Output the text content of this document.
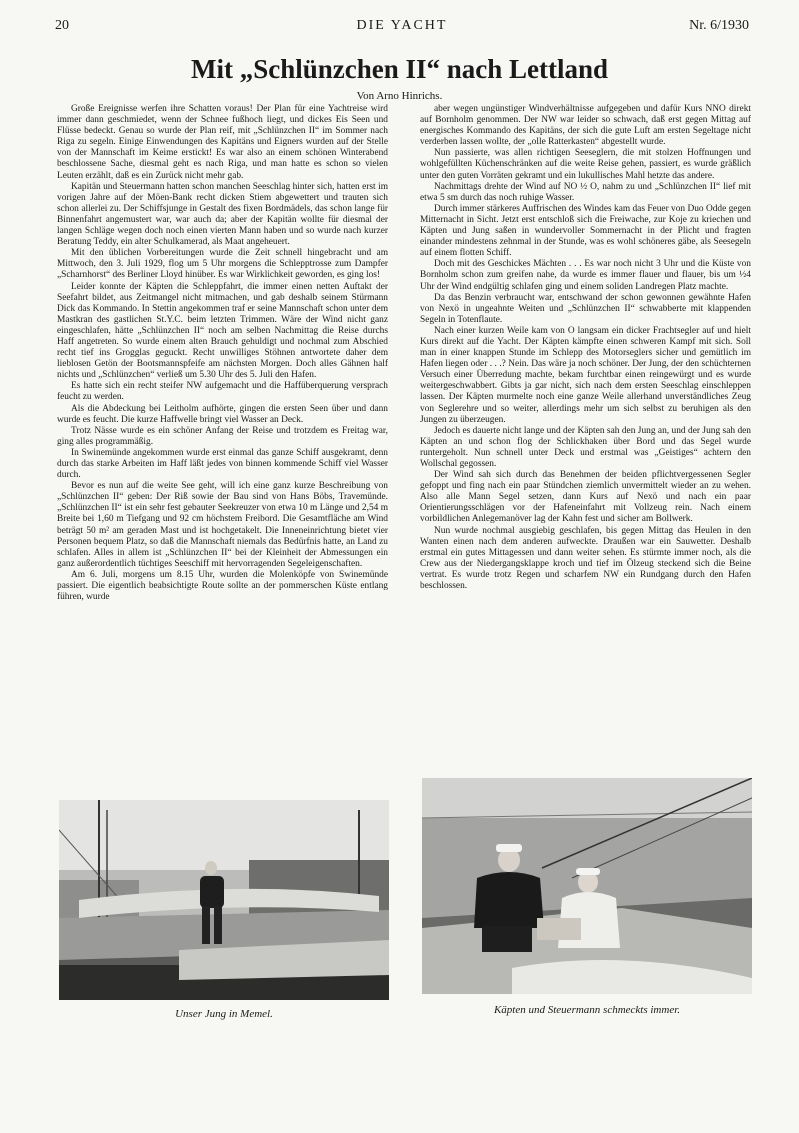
20	DIE YACHT	Nr. 6/1930
Mit „Schlünzchen II“ nach Lettland
Von Arno Hinrichs.

Große Ereignisse werfen ihre Schatten voraus! Der Plan für eine Yachtreise wird immer dann geschmiedet, wenn der Schnee fußhoch liegt, und dickes Eis Seen und Flüsse bedeckt. Genau so wurde der Plan reif, mit „Schlünzchen II“ im Sommer nach Riga zu segeln. Einige Einwendungen des Kapitäns und Eigners wurden auf der Stelle von der Mannschaft im Keime erstickt! Es war also an einem schönen Winterabend beschlossene Sache, diesmal geht es nach Riga, und man hatte es schon so vielen Leuten erzählt, daß es ein Zurück nicht mehr gab.

Kapitän und Steuermann hatten schon manchen Seeschlag hinter sich, hatten erst im vorigen Jahre auf der Möen-Bank recht dicken Stiem abgewettert und trauten sich schon allerlei zu. Der Schiffsjunge in Gestalt des fixen Bordmädels, das schon lange für Binnenfahrt angemustert war, war auch da; aber der Kapitän wollte für diesmal der langen Schläge wegen doch noch einen vierten Mann haben und so wurde nach kurzer Beratung Teddy, ein alter Schulkamerad, als Maat angeheuert.

Mit den üblichen Vorbereitungen wurde die Zeit schnell hingebracht und am Mittwoch, den 3. Juli 1929, flog um 5 Uhr morgens die Schlepptrosse zum Dampfer „Scharnhorst“ des Berliner Lloyd hinüber. Es war Wirklichkeit geworden, es ging los!

Leider konnte der Käpten die Schleppfahrt, die immer einen netten Auftakt der Seefahrt bildet, aus Zeitmangel nicht mitmachen, und gab deshalb seinem Stürmann Dick das Kommando. In Stettin angekommen traf er seine Mannschaft schon unter dem Mastkran des gastlichen St.Y.C. beim letzten Trimmen. Wäre der Wind nicht ganz eingeschlafen, hätte „Schlünzchen II“ noch am selben Nachmittag die Reise durchs Haff angetreten. So wurde einem alten Brauch gehuldigt und nochmal zum Abschied recht tief ins Grogglas geguckt. Recht unwilliges Stöhnen antwortete daher dem lieblosen Getön der Bootsmannspfeife am nächsten Morgen. Doch alles Gähnen half nichts und „Schlünzchen“ verließ um 5.30 Uhr des 5. Juli den Hafen.

Es hatte sich ein recht steifer NW aufgemacht und die Haffüberquerung versprach feucht zu werden.

Als die Abdeckung bei Leitholm aufhörte, gingen die ersten Seen über und dann wurde es feucht. Die kurze Haffwelle bringt viel Wasser an Deck.

Trotz Nässe wurde es ein schöner Anfang der Reise und trotzdem es Freitag war, ging alles programmäßig.

In Swinemünde angekommen wurde erst einmal das ganze Schiff ausgekramt, denn durch das starke Arbeiten im Haff läßt jedes von binnen kommende Schiff viel Wasser durch.

Bevor es nun auf die weite See geht, will ich eine ganz kurze Beschreibung von „Schlünzchen II“ geben: Der Riß sowie der Bau sind von Hans Böbs, Travemünde. „Schlünzchen II“ ist ein sehr fest gebauter Seekreuzer von etwa 10 m Länge und 2,54 m Breite bei 1,60 m Tiefgang und 92 cm höchstem Freibord. Die Gesamtfläche am Wind beträgt 50 m² am geraden Mast und ist hochgetakelt. Die Inneneinrichtung bietet vier Personen bequem Platz, so daß die Mannschaft niemals das Bedürfnis hatte, an Land zu schlafen. Alles in allem ist „Schlünzchen II“ bei der Kleinheit der Abmessungen ein ganz außerordentlich tüchtiges Seeschiff mit hervorragenden Segeleigenschaften.

Am 6. Juli, morgens um 8.15 Uhr, wurden die Molenköpfe von Swinemünde passiert. Die eigentlich beabsichtigte Route sollte an der pommerschen Küste entlang führen, wurde

aber wegen ungünstiger Windverhältnisse aufgegeben und dafür Kurs NNO direkt auf Bornholm genommen. Der NW war leider so schwach, daß erst gegen Mittag auf energisches Kommando des Kapitäns, der sich die gute Luft am ersten Segeltage nicht verderben lassen wollte, der „olle Ratterkasten“ abgestellt wurde.

Nun passierte, was allen richtigen Seeseglern, die mit stolzen Hoffnungen und wohlgefüllten Küchenschränken auf die weite Reise gehen, passiert, es wurde gräßlich unter den guten Vorräten gekramt und ein lukullisches Mahl hetzte das andere.

Nachmittags drehte der Wind auf NO ½ O, nahm zu und „Schlünzchen II“ lief mit etwa 5 sm durch das noch ruhige Wasser.

Durch immer stärkeres Auffrischen des Windes kam das Feuer von Duo Odde gegen Mitternacht in Sicht. Jetzt erst entschloß sich die Freiwache, zur Koje zu kriechen und Käpten und Jung saßen in wundervoller Sommernacht in der Plicht und fragten einander mindestens zehnmal in der Stunde, was es wohl schöneres gäbe, als Seesegeln auf einem flotten Schiff.

Doch mit des Geschickes Mächten . . . Es war noch nicht 3 Uhr und die Küste von Bornholm schon zum greifen nahe, da wurde es immer flauer und flauer, bis um ½4 Uhr der Wind endgültig schlafen ging und einem soliden Landregen Platz machte.

Da das Benzin verbraucht war, entschwand der schon gewonnen gewähnte Hafen von Nexö in ungeahnte Weiten und „Schlünzchen II“ schwabberte mit klappenden Segeln in Totenflaute.

Nach einer kurzen Weile kam von O langsam ein dicker Frachtsegler auf und hielt Kurs direkt auf die Yacht. Der Käpten kämpfte einen schweren Kampf mit sich. Soll man in einer knappen Stunde im Schlepp des Motorseglers sicher und gemütlich im Hafen liegen oder . . .? Nein. Das wäre ja noch schöner. Der Jung, der den schüchternen Versuch einer Überredung machte, bekam furchtbar einen reingewürgt und es wurde weitergeschwabbert. Gibts ja gar nicht, sich nach dem ersten Seeschlag einschleppen lassen. Der Käpten murmelte noch eine ganze Weile allerhand unverständliches Zeug von Seglerehre und so weiter, allerdings mehr um sich selbst zu beruhigen als den Jungen zu überzeugen.

Jedoch es dauerte nicht lange und der Käpten sah den Jung an, und der Jung sah den Käpten an und schon flog der Schlickhaken über Bord und das Segel wurde runtergeholt. Nun schnell unter Deck und erstmal was „Geistiges“ achtern den Wollschal gegossen.

Der Wind sah sich durch das Benehmen der beiden pflichtvergessenen Segler gefoppt und fing nach ein paar Stündchen ziemlich unvermittelt wieder an zu wehen. Also alle Mann Segel setzen, dann Kurs auf Nexö und nach ein paar Orientierungsschlägen vor der Hafeneinfahrt mit Vollzeug rein. Nach einem vorbildlichen Anlegemanöver lag der Kahn fest und sicher am Bollwerk.

Nun wurde nochmal ausgiebig geschlafen, bis gegen Mittag das Heulen in den Wanten einen nach dem anderen aufweckte. Draußen war ein Sauwetter. Deshalb erstmal ein gutes Mittagessen und dann weiter sehen. Es stürmte immer noch, als die Crew aus der Niedergangsklappe kroch und tief im Ölzeug steckend sich die Beine vertrat. Es wurde trotz Regen und scharfem NW ein Rundgang durch den Hafen beschlossen.

Unser Jung in Memel.	Käpten und Steuermann schmeckts immer.
